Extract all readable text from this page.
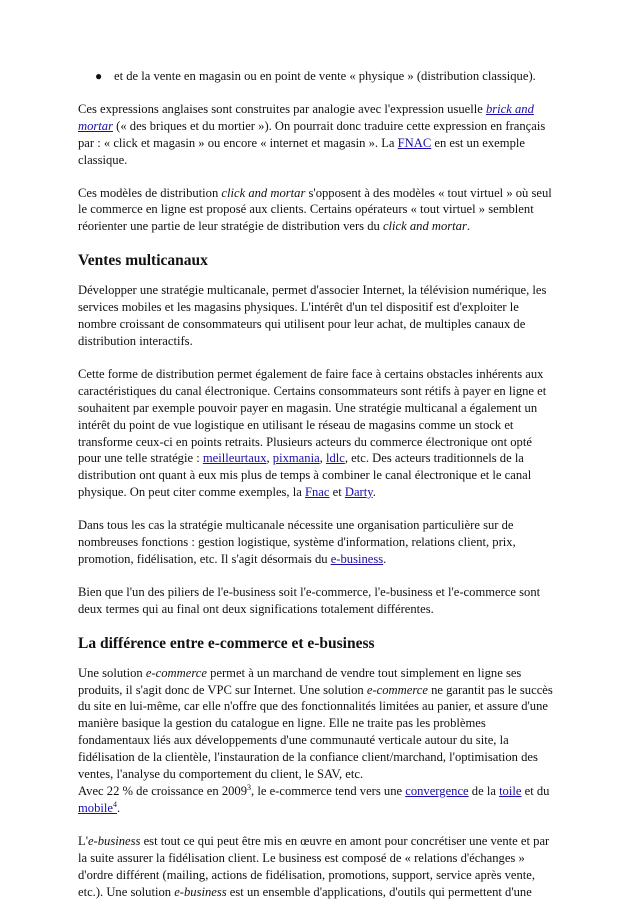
● et de la vente en magasin ou en point de vente « physique » (distribution classique).

Ces expressions anglaises sont construites par analogie avec l'expression usuelle brick and mortar (« des briques et du mortier »). On pourrait donc traduire cette expression en français par : « click et magasin » ou encore « internet et magasin ». La FNAC en est un exemple classique.

Ces modèles de distribution click and mortar s'opposent à des modèles « tout virtuel » où seul le commerce en ligne est proposé aux clients. Certains opérateurs « tout virtuel » semblent réorienter une partie de leur stratégie de distribution vers du click and mortar.

Ventes multicanaux

Développer une stratégie multicanale, permet d'associer Internet, la télévision numérique, les services mobiles et les magasins physiques. L'intérêt d'un tel dispositif est d'exploiter le nombre croissant de consommateurs qui utilisent pour leur achat, de multiples canaux de distribution interactifs.

Cette forme de distribution permet également de faire face à certains obstacles inhérents aux caractéristiques du canal électronique. Certains consommateurs sont rétifs à payer en ligne et souhaitent par exemple pouvoir payer en magasin. Une stratégie multicanal a également un intérêt du point de vue logistique en utilisant le réseau de magasins comme un stock et transforme ceux-ci en points retraits. Plusieurs acteurs du commerce électronique ont opté pour une telle stratégie : meilleurtaux, pixmania, ldlc, etc. Des acteurs traditionnels de la distribution ont quant à eux mis plus de temps à combiner le canal électronique et le canal physique. On peut citer comme exemples, la Fnac et Darty.

Dans tous les cas la stratégie multicanale nécessite une organisation particulière sur de nombreuses fonctions : gestion logistique, système d'information, relations client, prix, promotion, fidélisation, etc. Il s'agit désormais du e-business.

Bien que l'un des piliers de l'e-business soit l'e-commerce, l'e-business et l'e-commerce sont deux termes qui au final ont deux significations totalement différentes.

La différence entre e-commerce et e-business

Une solution e-commerce permet à un marchand de vendre tout simplement en ligne ses produits, il s'agit donc de VPC sur Internet. Une solution e-commerce ne garantit pas le succès du site en lui-même, car elle n'offre que des fonctionnalités limitées au panier, et assure d'une manière basique la gestion du catalogue en ligne. Elle ne traite pas les problèmes fondamentaux liés aux développements d'une communauté verticale autour du site, la fidélisation de la clientèle, l'instauration de la confiance client/marchand, l'optimisation des ventes, l'analyse du comportement du client, le SAV, etc.
Avec 22 % de croissance en 2009$^3$, le e-commerce tend vers une convergence de la toile et du mobile$^4$.

L'e-business est tout ce qui peut être mis en œuvre en amont pour concrétiser une vente et par la suite assurer la fidélisation client. Le business est composé de « relations d'échanges » d'ordre différent (mailing, actions de fidélisation, promotions, support, service après vente, etc.). Une solution e-business est un ensemble d'applications, d'outils qui permettent d'une
